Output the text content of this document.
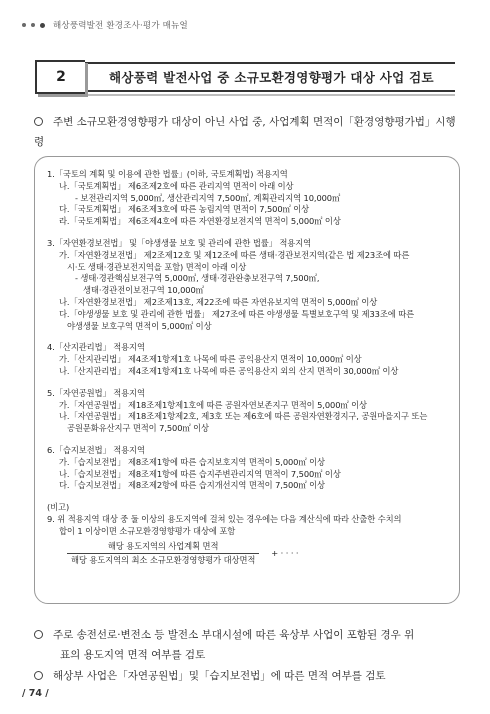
해상풍력발전 환경조사·평가 매뉴얼
2	해상풍력 발전사업 중 소규모환경영향평가 대상 사업 검토
주변 소규모환경영향평가 대상이 아닌 사업 중, 사업계획 면적이「환경영향평가법」시행령
1.「국토의 계획 및 이용에 관한 법률」(이하, 국토계획법) 적용지역
나.「국토계획법」 제6조제2호에 따른 관리지역 면적이 아래 이상
- 보전관리지역 5,000㎡, 생산관리지역 7,500㎡, 계획관리지역 10,000㎡
다.「국토계획법」 제6조제3호에 따른 농림지역 면적이 7,500㎡ 이상
라.「국토계획법」 제6조제4호에 따른 자연환경보전지역 면적이 5,000㎡ 이상
3.「자연환경보전법」 및「야생생물 보호 및 관리에 관한 법률」 적용지역
가.「자연환경보전법」 제2조제12호 및 제12조에 따른 생태·경관보전지역(같은 법 제23조에 따른
시·도 생태·경관보전지역을 포함) 면적이 아래 이상
- 생태·경관핵심보전구역 5,000㎡, 생태·경관완충보전구역 7,500㎡,
생태·경관전이보전구역 10,000㎡
나.「자연환경보전법」 제2조제13호, 제22조에 따른 자연유보지역 면적이 5,000㎡ 이상
다.「야생생물 보호 및 관리에 관한 법률」 제27조에 따른 야생생물 특별보호구역 및 제33조에 따른
야생생물 보호구역 면적이 5,000㎡ 이상
4.「산지관리법」 적용지역
가.「산지관리법」 제4조제1항제1호 나목에 따른 공익용산지 면적이 10,000㎡ 이상
나.「산지관리법」 제4조제1항제1호 나목에 따른 공익용산지 외의 산지 면적이 30,000㎡ 이상
5.「자연공원법」 적용지역
가.「자연공원법」 제18조제1항제1호에 따른 공원자연보존지구 면적이 5,000㎡ 이상
나.「자연공원법」 제18조제1항제2호, 제3호 또는 제6호에 따른 공원자연환경지구, 공원마을지구 또는
공원문화유산지구 면적이 7,500㎡ 이상
6.「습지보전법」 적용지역
가.「습지보전법」 제8조제1항에 따른 습지보호지역 면적이 5,000㎡ 이상
나.「습지보전법」 제8조제1항에 따른 습지주변관리지역 면적이 7,500㎡ 이상
다.「습지보전법」 제8조제2항에 따른 습지개선지역 면적이 7,500㎡ 이상
(비고)
9. 위 적용지역 대상 중 둘 이상의 용도지역에 걸쳐 있는 경우에는 다음 계산식에 따라 산출한 수치의
합이 1 이상이면 소규모환경영향평가 대상에 포함
$\frac{\text{해당 용도지역의 사업계획 면적}}{\text{해당 용도지역의 최소 소규모환경영향평가 대상면적}}$ + · · · ·
주로 송전선로·변전소 등 발전소 부대시설에 따른 육상부 사업이 포함된 경우 위
표의 용도지역 면적 여부를 검토
해상부 사업은「자연공원법」및「습지보전법」에 따른 면적 여부를 검토
/ 74 /
